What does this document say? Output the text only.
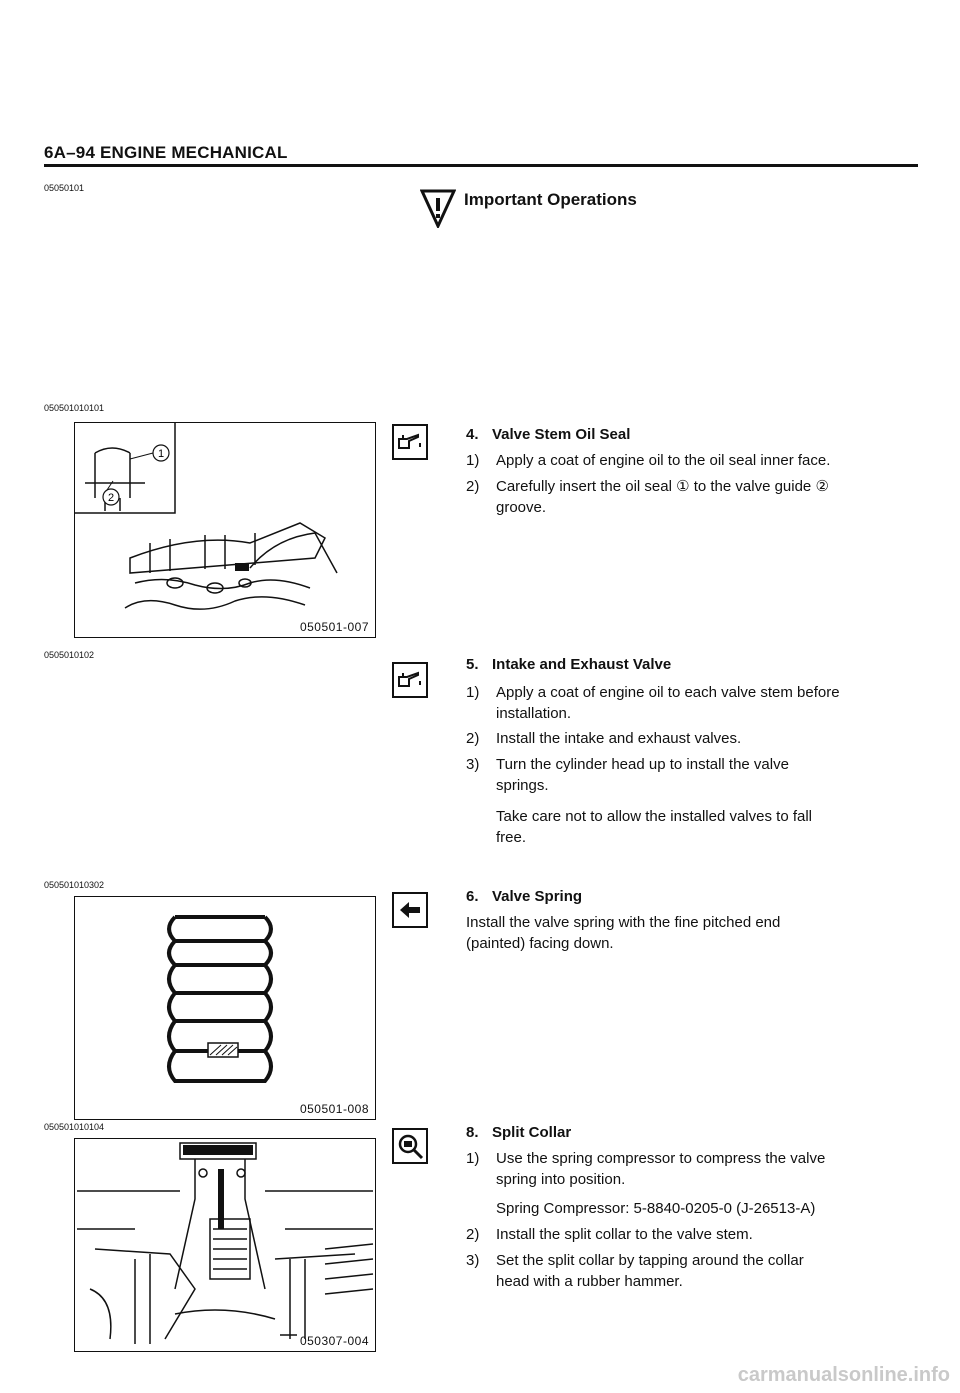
6A–94 ENGINE MECHANICAL
05050101
Important Operations
050501010101
1
2
050501-007
4. Valve Stem Oil Seal
1) Apply a coat of engine oil to the oil seal inner face.
2) Carefully insert the oil seal ① to the valve guide ②
groove.
0505010102
5. Intake and Exhaust Valve
1) Apply a coat of engine oil to each valve stem before
installation.
2) Install the intake and exhaust valves.
3) Turn the cylinder head up to install the valve
springs.
Take care not to allow the installed valves to fall
free.
050501010302
050501-008
6. Valve Spring
Install the valve spring with the fine pitched end
(painted) facing down.
050501010104
050307-004
8. Split Collar
1) Use the spring compressor to compress the valve
spring into position.
Spring Compressor: 5-8840-0205-0 (J-26513-A)
2) Install the split collar to the valve stem.
3) Set the split collar by tapping around the collar
head with a rubber hammer.
carmanualsonline.info
